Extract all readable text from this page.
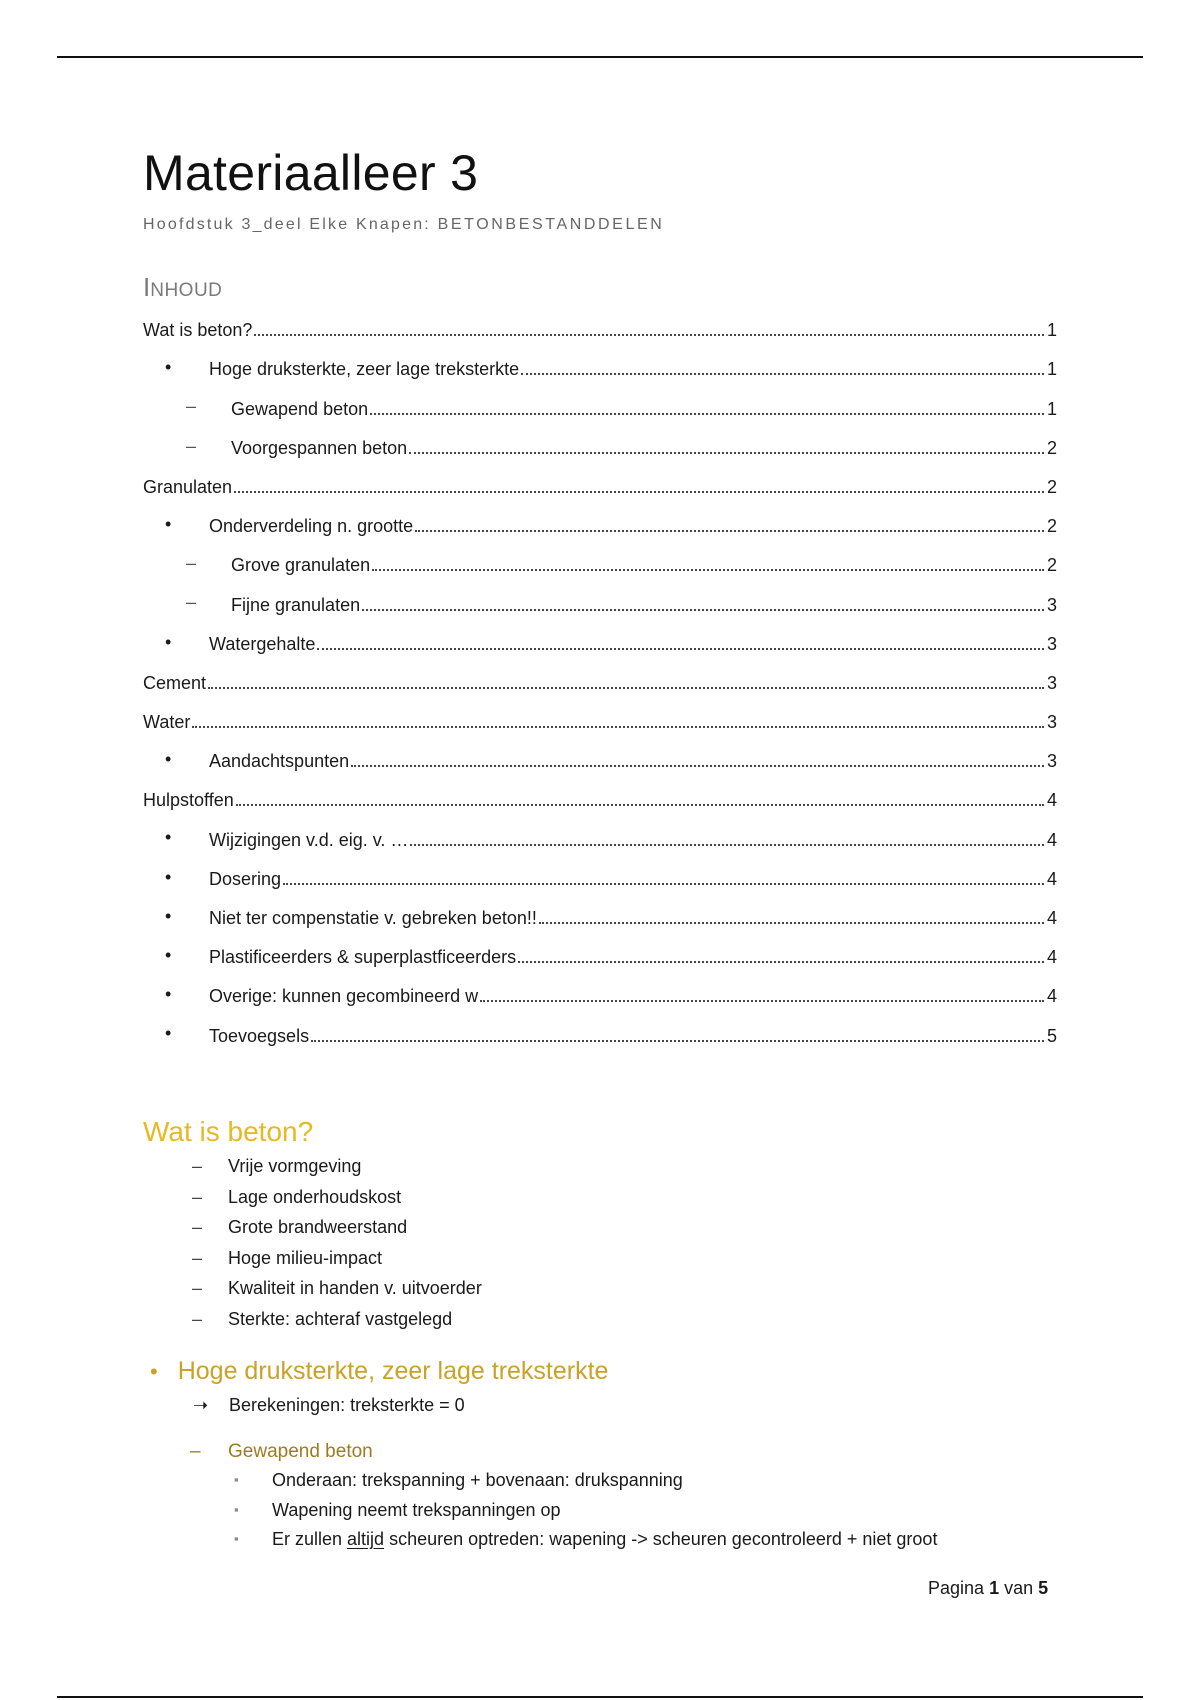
Materiaalleer 3
Hoofdstuk 3_deel Elke Knapen: BETONBESTANDDELEN
INHOUD
Wat is beton?	1
• Hoge druksterkte, zeer lage treksterkte	1
– Gewapend beton	1
– Voorgespannen beton	2
Granulaten	2
• Onderverdeling n. grootte	2
– Grove granulaten	2
– Fijne granulaten	3
• Watergehalte	3
Cement	3
Water	3
• Aandachtspunten	3
Hulpstoffen	4
• Wijzigingen v.d. eig. v. …	4
• Dosering	4
• Niet ter compenstatie v. gebreken beton!!	4
• Plastificeerders & superplastficeerders	4
• Overige: kunnen gecombineerd w	4
• Toevoegsels	5
Wat is beton?
– Vrije vormgeving
– Lage onderhoudskost
– Grote brandweerstand
– Hoge milieu-impact
– Kwaliteit in handen v. uitvoerder
– Sterkte: achteraf vastgelegd
• Hoge druksterkte, zeer lage treksterkte
➝ Berekeningen: treksterkte = 0
– Gewapend beton
▪ Onderaan: trekspanning + bovenaan: drukspanning
▪ Wapening neemt trekspanningen op
▪ Er zullen altijd scheuren optreden: wapening -> scheuren gecontroleerd + niet groot
Pagina 1 van 5
